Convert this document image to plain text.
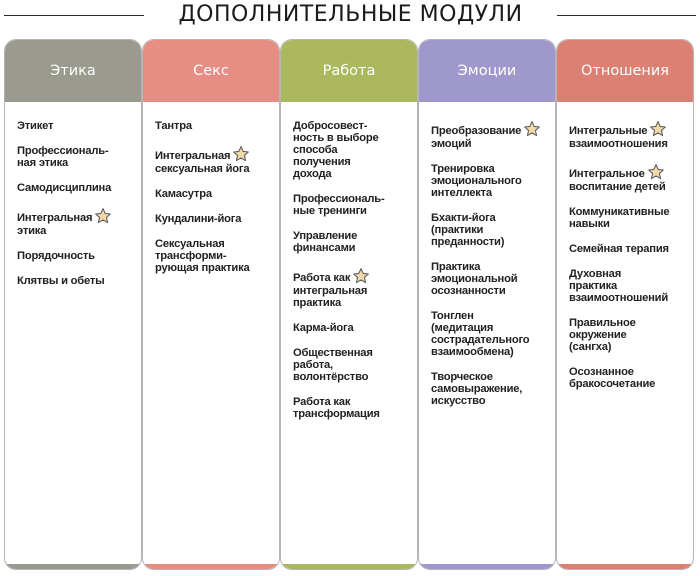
ДОПОЛНИТЕЛЬНЫЕ МОДУЛИ
Этика
Этикет
Профессиональ-
ная этика
Самодисциплина
Интегральная

этика
Порядочность
Клятвы и обеты
Секс
Тантра
Интегральная

сексуальная йога
Камасутра
Кундалини-йога
Сексуальная
трансформи-
рующая практика
Работа
Добросовест-
ность в выборе
способа
получения
дохода
Профессиональ-
ные тренинги
Управление
финансами
Работа как

интегральная
практика
Карма-йога
Общественная
работа,
волонтёрство
Работа как
трансформация
Эмоции
Преобразование

эмоций
Тренировка
эмоционального
интеллекта
Бхакти-йога
(практики
преданности)
Практика
эмоциональной
осознанности
Тонглен
(медитация
сострадательного
взаимообмена)
Творческое
самовыражение,
искусство
Отношения
Интегральные

взаимоотношения
Интегральное

воспитание детей
Коммуникативные
навыки
Семейная терапия
Духовная
практика
взаимоотношений
Правильное
окружение
(сангха)
Осознанное
бракосочетание
